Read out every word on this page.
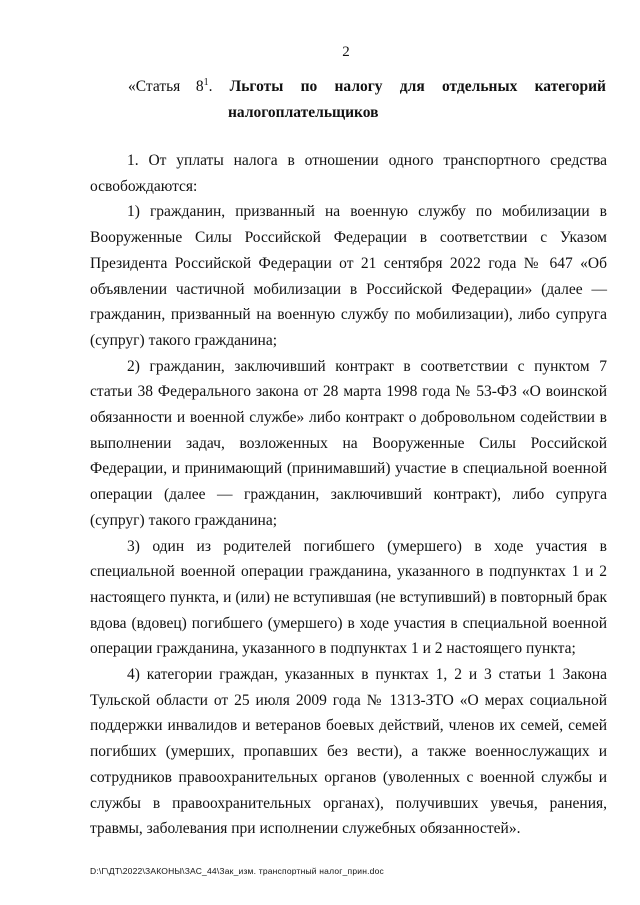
2
«Статья $8^1$. Льготы по налогу для отдельных категорий
налогоплательщиков

1. От уплаты налога в отношении одного транспортного средства освобождаются:

1) гражданин, призванный на военную службу по мобилизации в Вооруженные Силы Российской Федерации в соответствии с Указом Президента Российской Федерации от 21 сентября 2022 года № 647 «Об объявлении частичной мобилизации в Российской Федерации» (далее — гражданин, призванный на военную службу по мобилизации), либо супруга (супруг) такого гражданина;

2) гражданин, заключивший контракт в соответствии с пунктом 7 статьи 38 Федерального закона от 28 марта 1998 года № 53-ФЗ «О воинской обязанности и военной службе» либо контракт о добровольном содействии в выполнении задач, возложенных на Вооруженные Силы Российской Федерации, и принимающий (принимавший) участие в специальной военной операции (далее — гражданин, заключивший контракт), либо супруга (супруг) такого гражданина;

3) один из родителей погибшего (умершего) в ходе участия в специальной военной операции гражданина, указанного в подпунктах 1 и 2 настоящего пункта, и (или) не вступившая (не вступивший) в повторный брак вдова (вдовец) погибшего (умершего) в ходе участия в специальной военной операции гражданина, указанного в подпунктах 1 и 2 настоящего пункта;

4) категории граждан, указанных в пунктах 1, 2 и 3 статьи 1 Закона Тульской области от 25 июля 2009 года № 1313-ЗТО «О мерах социальной поддержки инвалидов и ветеранов боевых действий, членов их семей, семей погибших (умерших, пропавших без вести), а также военнослужащих и сотрудников правоохранительных органов (уволенных с военной службы и службы в правоохранительных органах), получивших увечья, ранения, травмы, заболевания при исполнении служебных обязанностей».

D:\Г\ДТ\2022\ЗАКОНЫ\ЗАС_44\Зак_изм. транспортный налог_прин.doc
